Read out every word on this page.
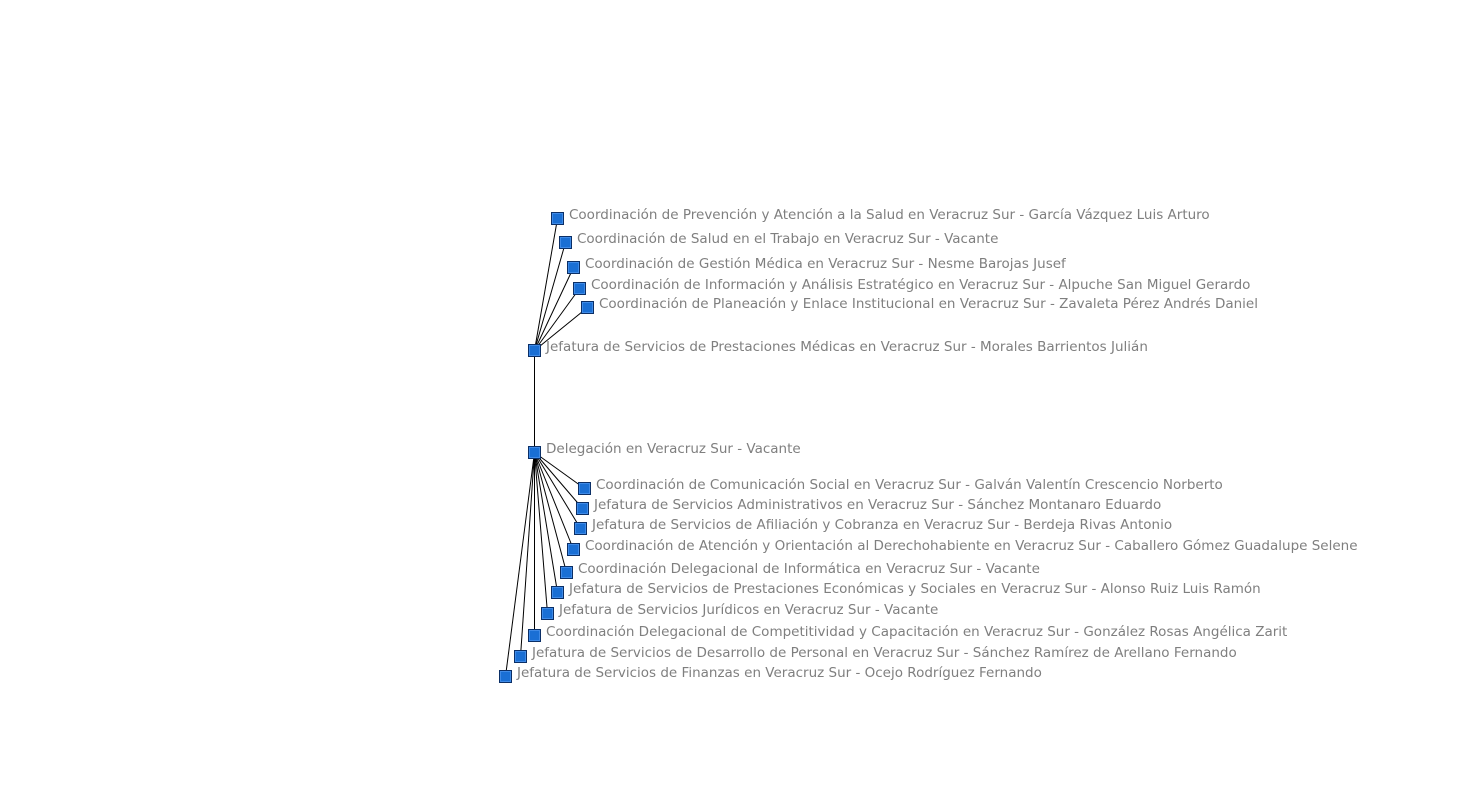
Coordinación de Prevención y Atención a la Salud en Veracruz Sur - García Vázquez Luis Arturo
Coordinación de Salud en el Trabajo en Veracruz Sur - Vacante
Coordinación de Gestión Médica en Veracruz Sur - Nesme Barojas Jusef
Coordinación de Información y Análisis Estratégico en Veracruz Sur - Alpuche San Miguel Gerardo
Coordinación de Planeación y Enlace Institucional en Veracruz Sur - Zavaleta Pérez Andrés Daniel
Jefatura de Servicios de Prestaciones Médicas en Veracruz Sur - Morales Barrientos Julián
Delegación en Veracruz Sur - Vacante
Coordinación de Comunicación Social en Veracruz Sur - Galván Valentín Crescencio Norberto
Jefatura de Servicios Administrativos en Veracruz Sur - Sánchez Montanaro Eduardo
Jefatura de Servicios de Afiliación y Cobranza en Veracruz Sur - Berdeja Rivas Antonio
Coordinación de Atención y Orientación al Derechohabiente en Veracruz Sur - Caballero Gómez Guadalupe Selene
Coordinación Delegacional de Informática en Veracruz Sur - Vacante
Jefatura de Servicios de Prestaciones Económicas y Sociales en Veracruz Sur - Alonso Ruiz Luis Ramón
Jefatura de Servicios Jurídicos en Veracruz Sur - Vacante
Coordinación Delegacional de Competitividad y Capacitación en Veracruz Sur - González Rosas Angélica Zarit
Jefatura de Servicios de Desarrollo de Personal en Veracruz Sur - Sánchez Ramírez de Arellano Fernando
Jefatura de Servicios de Finanzas en Veracruz Sur - Ocejo Rodríguez Fernando
